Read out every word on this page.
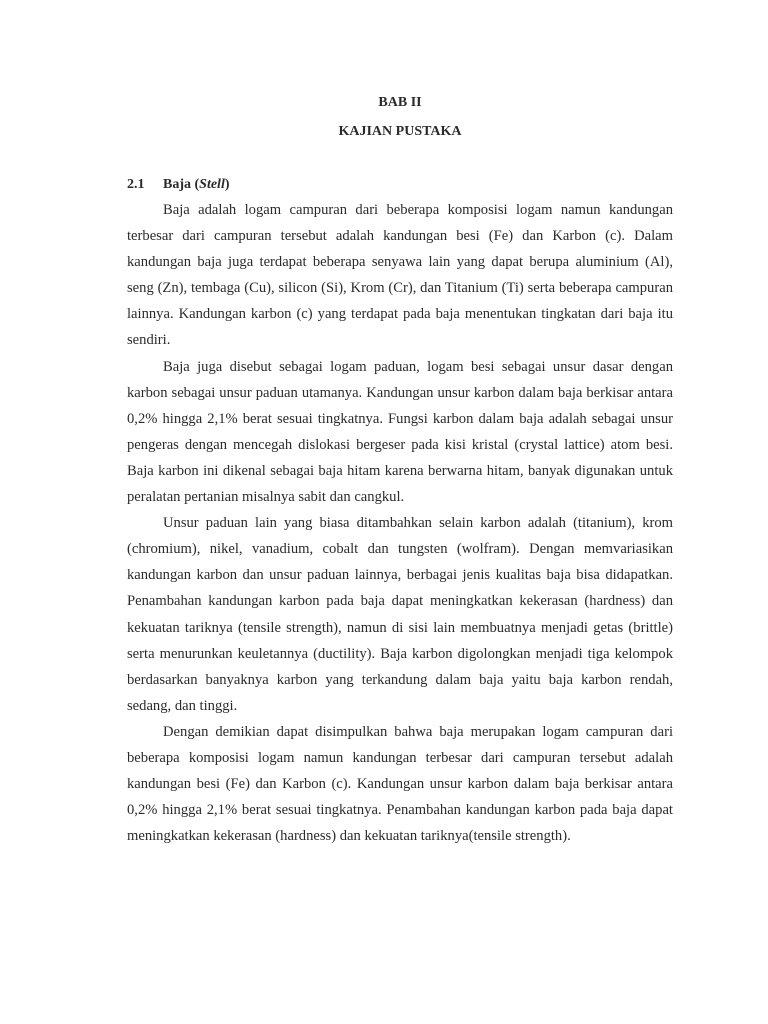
BAB II
KAJIAN PUSTAKA
2.1 Baja (Stell)

Baja adalah logam campuran dari beberapa komposisi logam namun kandungan terbesar dari campuran tersebut adalah kandungan besi (Fe) dan Karbon (c). Dalam kandungan baja juga terdapat beberapa senyawa lain yang dapat berupa aluminium (Al), seng (Zn), tembaga (Cu), silicon (Si), Krom (Cr), dan Titanium (Ti) serta beberapa campuran lainnya. Kandungan karbon (c) yang terdapat pada baja menentukan tingkatan dari baja itu sendiri.

Baja juga disebut sebagai logam paduan, logam besi sebagai unsur dasar dengan karbon sebagai unsur paduan utamanya. Kandungan unsur karbon dalam baja berkisar antara 0,2% hingga 2,1% berat sesuai tingkatnya. Fungsi karbon dalam baja adalah sebagai unsur pengeras dengan mencegah dislokasi bergeser pada kisi kristal (crystal lattice) atom besi. Baja karbon ini dikenal sebagai baja hitam karena berwarna hitam, banyak digunakan untuk peralatan pertanian misalnya sabit dan cangkul.

Unsur paduan lain yang biasa ditambahkan selain karbon adalah (titanium), krom (chromium), nikel, vanadium, cobalt dan tungsten (wolfram). Dengan memvariasikan kandungan karbon dan unsur paduan lainnya, berbagai jenis kualitas baja bisa didapatkan. Penambahan kandungan karbon pada baja dapat meningkatkan kekerasan (hardness) dan kekuatan tariknya (tensile strength), namun di sisi lain membuatnya menjadi getas (brittle) serta menurunkan keuletannya (ductility). Baja karbon digolongkan menjadi tiga kelompok berdasarkan banyaknya karbon yang terkandung dalam baja yaitu baja karbon rendah, sedang, dan tinggi.

Dengan demikian dapat disimpulkan bahwa baja merupakan logam campuran dari beberapa komposisi logam namun kandungan terbesar dari campuran tersebut adalah kandungan besi (Fe) dan Karbon (c). Kandungan unsur karbon dalam baja berkisar antara 0,2% hingga 2,1% berat sesuai tingkatnya. Penambahan kandungan karbon pada baja dapat meningkatkan kekerasan (hardness) dan kekuatan tariknya(tensile strength).
